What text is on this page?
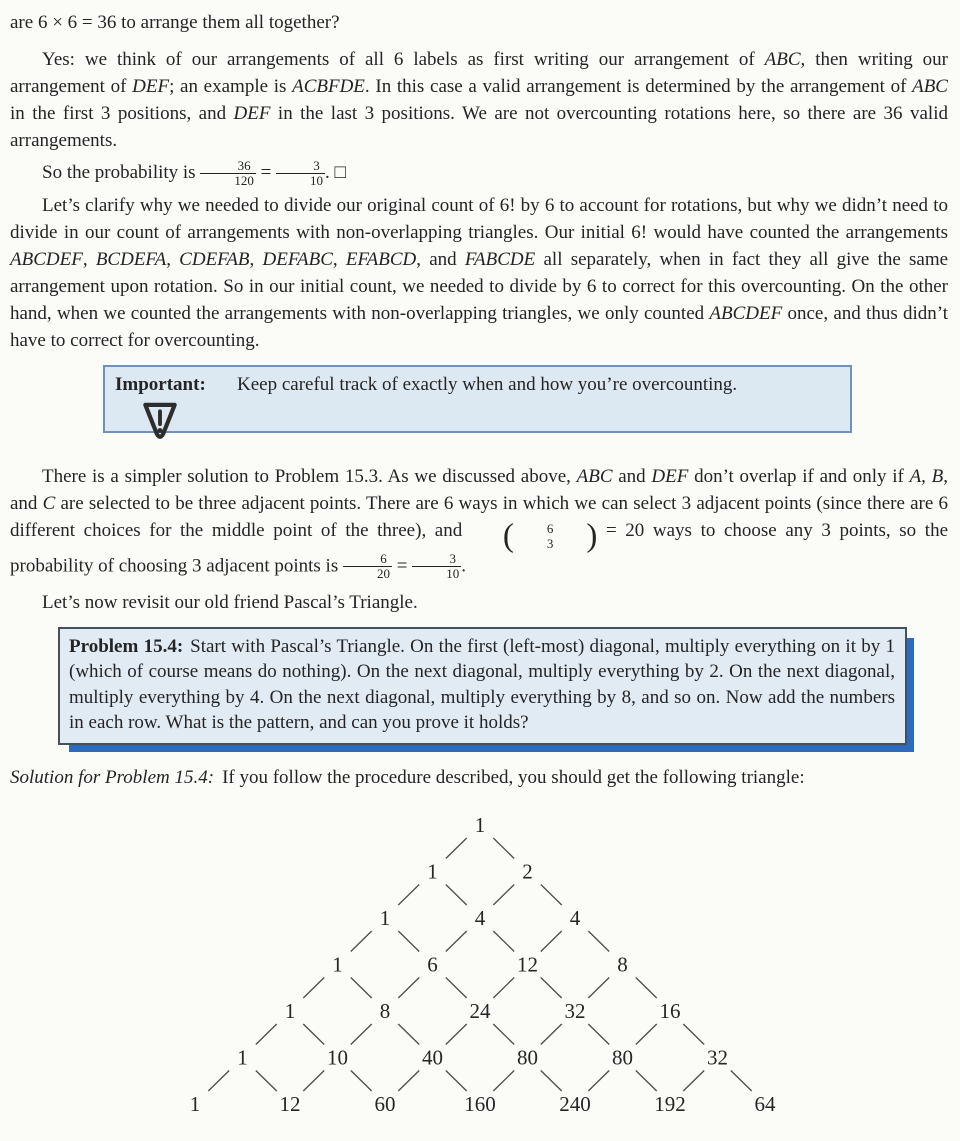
are 6 × 6 = 36 to arrange them all together?

Yes: we think of our arrangements of all 6 labels as first writing our arrangement of ABC, then writing our arrangement of DEF; an example is ACBFDE. In this case a valid arrangement is determined by the arrangement of ABC in the first 3 positions, and DEF in the last 3 positions. We are not overcounting rotations here, so there are 36 valid arrangements.

So the probability is $\frac{36}{120} = \frac{3}{10}$ . □

Let’s clarify why we needed to divide our original count of 6! by 6 to account for rotations, but why we didn’t need to divide in our count of arrangements with non-overlapping triangles. Our initial 6! would have counted the arrangements ABCDEF, BCDEFA, CDEFAB, DEFABC, EFABCD, and FABCDE all separately, when in fact they all give the same arrangement upon rotation. So in our initial count, we needed to divide by 6 to correct for this overcounting. On the other hand, when we counted the arrangements with non-overlapping triangles, we only counted ABCDEF once, and thus didn’t have to correct for overcounting.

Important:	Keep careful track of exactly when and how you’re overcounting.

There is a simpler solution to Problem 15.3. As we discussed above, ABC and DEF don’t overlap if and only if A, B, and C are selected to be three adjacent points. There are 6 ways in which we can select 3 adjacent points (since there are 6 different choices for the middle point of the three), and (	6
3	) = 20 ways to choose any 3 points, so the probability of choosing 3 adjacent points is $\frac{6}{20} = \frac{3}{10}$ .

Let’s now revisit our old friend Pascal’s Triangle.

Problem 15.4: Start with Pascal’s Triangle. On the first (left-most) diagonal, multiply everything on it by 1 (which of course means do nothing). On the next diagonal, multiply everything by 2. On the next diagonal, multiply everything by 4. On the next diagonal, multiply everything by 8, and so on. Now add the numbers in each row. What is the pattern, and can you prove it holds?

Solution for Problem 15.4: If you follow the procedure described, you should get the following triangle:

1
1	2
1	4	4
1	6	12	8
1	8	24	32	16
1	10	40	80	80	32
1	12	60	160	240	192	64
